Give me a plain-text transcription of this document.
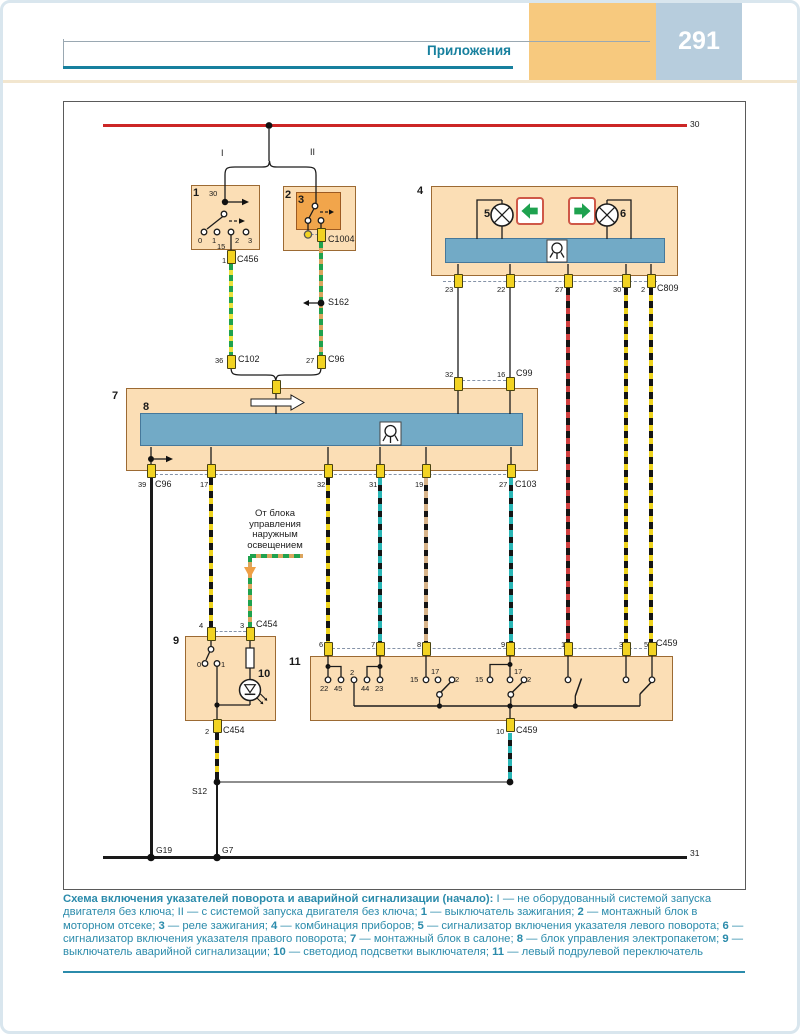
291
Приложения
30
31
I	II
1	2 3
4
5	6
7
8
9
10
11
30
0 1	2 3
15
1 C456
C1004
S162
36 C102	27 C96
23	22	27	30	2 C809
32	16 C99
39 C96	17	32	31	19	27 C103
4	3 C454
0	1
2 C454
6	7	8	9	1	3	5 C459
22 45
2
44 23
15
17
2 15
17
2
10 C459
S12
G19	G7
От блока
управления
наружным
освещением
Схема включения указателей поворота и аварийной сигнализации (начало): I — не оборудованный системой запуска двигателя без ключа; II — с системой запуска двигателя без ключа; 1 — выключатель зажигания; 2 — монтажный блок в моторном отсеке; 3 — реле зажигания; 4 — комбинация приборов; 5 — сигнализатор включения указателя левого поворота; 6 — сигнализатор включения указателя правого поворота; 7 — монтажный блок в салоне; 8 — блок управления электропакетом; 9 — выключатель аварийной сигнализации; 10 — светодиод подсветки выключателя; 11 — левый подрулевой переключатель
